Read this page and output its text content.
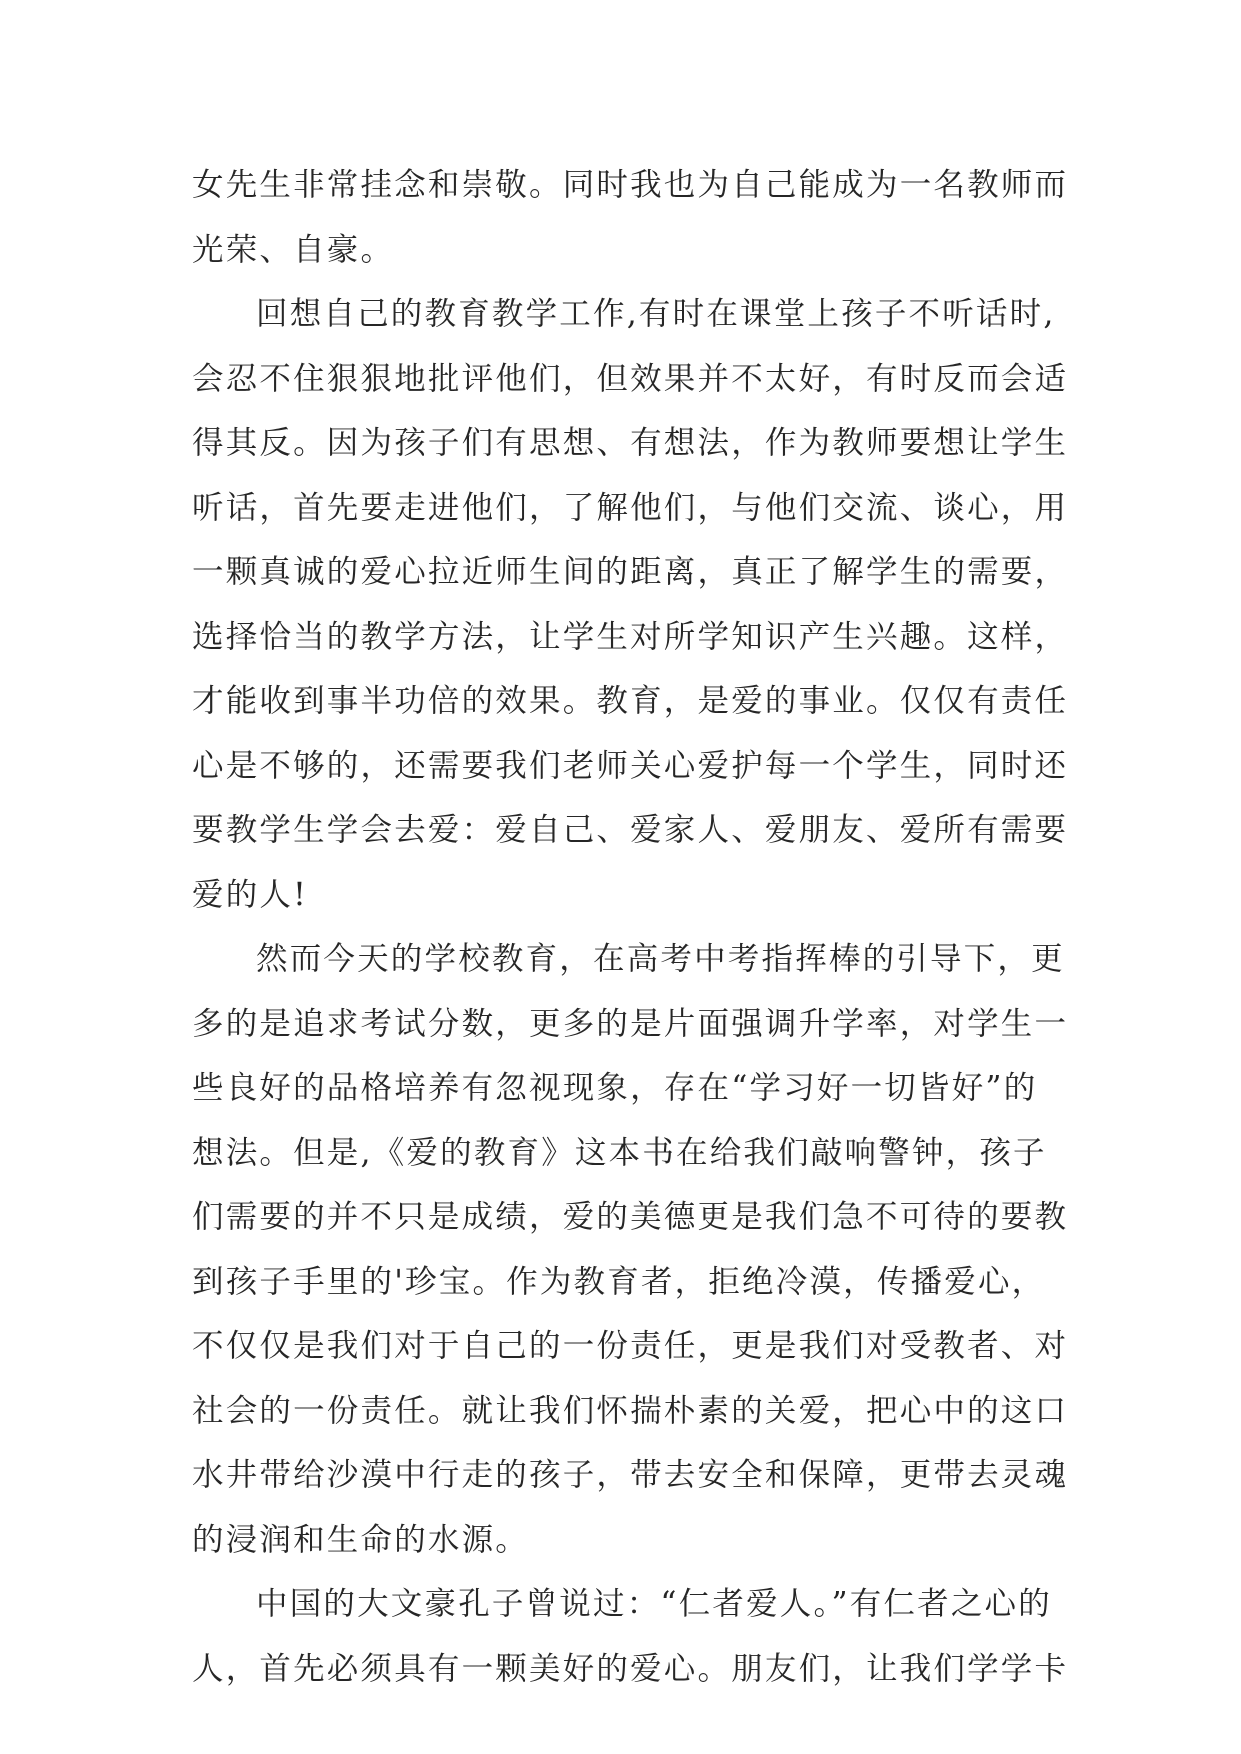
女先生非常挂念和崇敬。同时我也为自己能成为一名教师而
光荣、自豪。
回想自己的教育教学工作,有时在课堂上孩子不听话时,
会忍不住狠狠地批评他们，但效果并不太好，有时反而会适
得其反。因为孩子们有思想、有想法，作为教师要想让学生
听话，首先要走进他们，了解他们，与他们交流、谈心，用
一颗真诚的爱心拉近师生间的距离，真正了解学生的需要，
选择恰当的教学方法，让学生对所学知识产生兴趣。这样，
才能收到事半功倍的效果。教育，是爱的事业。仅仅有责任
心是不够的，还需要我们老师关心爱护每一个学生，同时还
要教学生学会去爱：爱自己、爱家人、爱朋友、爱所有需要
爱的人!
然而今天的学校教育，在高考中考指挥棒的引导下，更
多的是追求考试分数，更多的是片面强调升学率，对学生一
些良好的品格培养有忽视现象，存在“学习好一切皆好”的
想法。但是,《爱的教育》这本书在给我们敲响警钟，孩子
们需要的并不只是成绩，爱的美德更是我们急不可待的要教
到孩子手里的'珍宝。作为教育者，拒绝冷漠，传播爱心，
不仅仅是我们对于自己的一份责任，更是我们对受教者、对
社会的一份责任。就让我们怀揣朴素的关爱，把心中的这口
水井带给沙漠中行走的孩子，带去安全和保障，更带去灵魂
的浸润和生命的水源。
中国的大文豪孔子曾说过：“仁者爱人。”有仁者之心的
人，首先必须具有一颗美好的爱心。朋友们，让我们学学卡
